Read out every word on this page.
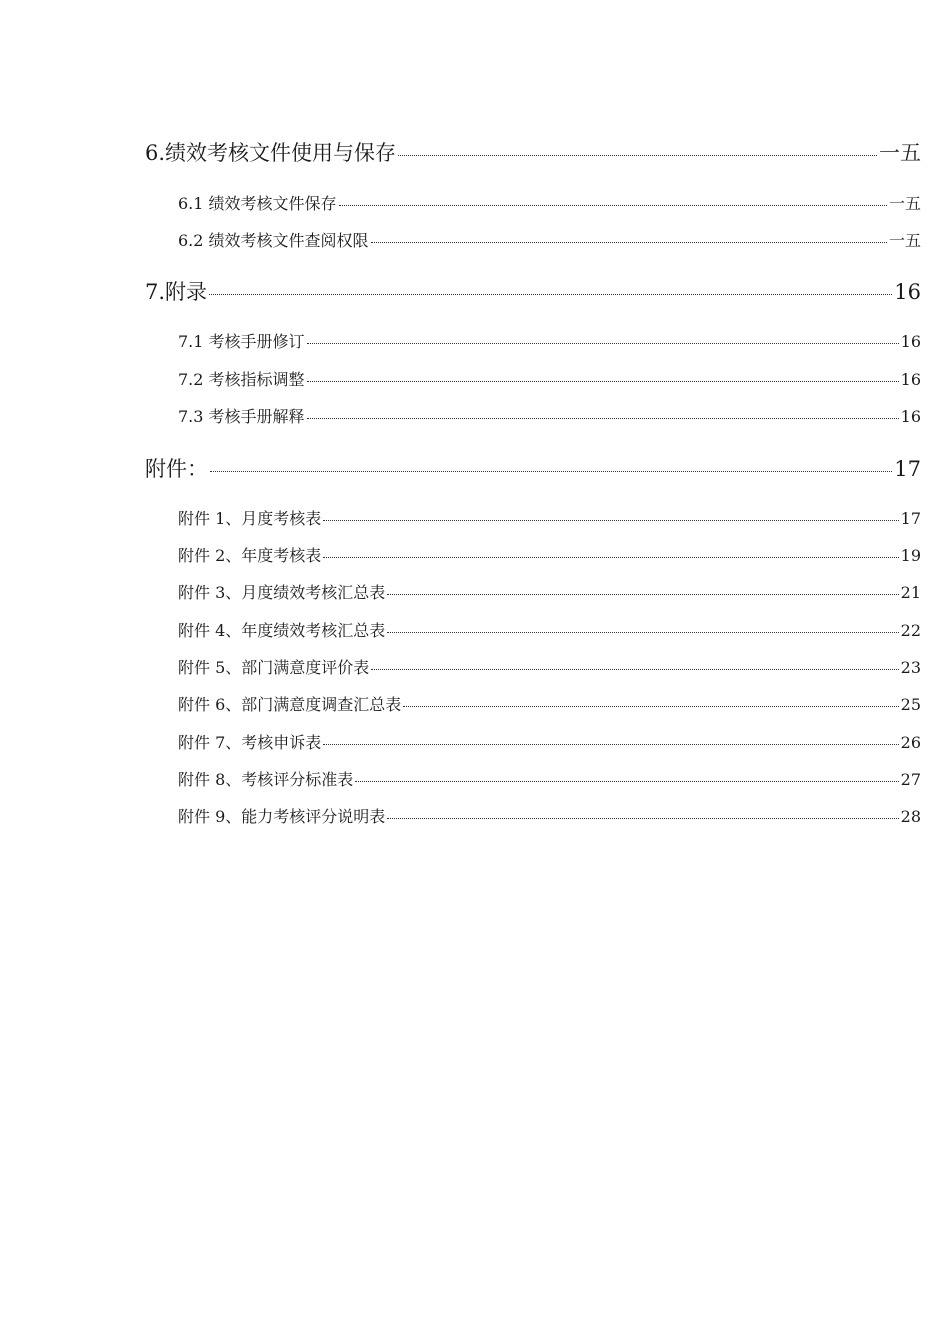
6.绩效考核文件使用与保存	一五
6.1 绩效考核文件保存	一五
6.2 绩效考核文件查阅权限	一五
7.附录	16
7.1 考核手册修订	16
7.2 考核指标调整	16
7.3 考核手册解释	16
附件：	17
附件 1、月度考核表	17
附件 2、年度考核表	19
附件 3、月度绩效考核汇总表	21
附件 4、年度绩效考核汇总表	22
附件 5、部门满意度评价表	23
附件 6、部门满意度调查汇总表	25
附件 7、考核申诉表	26
附件 8、考核评分标准表	27
附件 9、能力考核评分说明表	28
